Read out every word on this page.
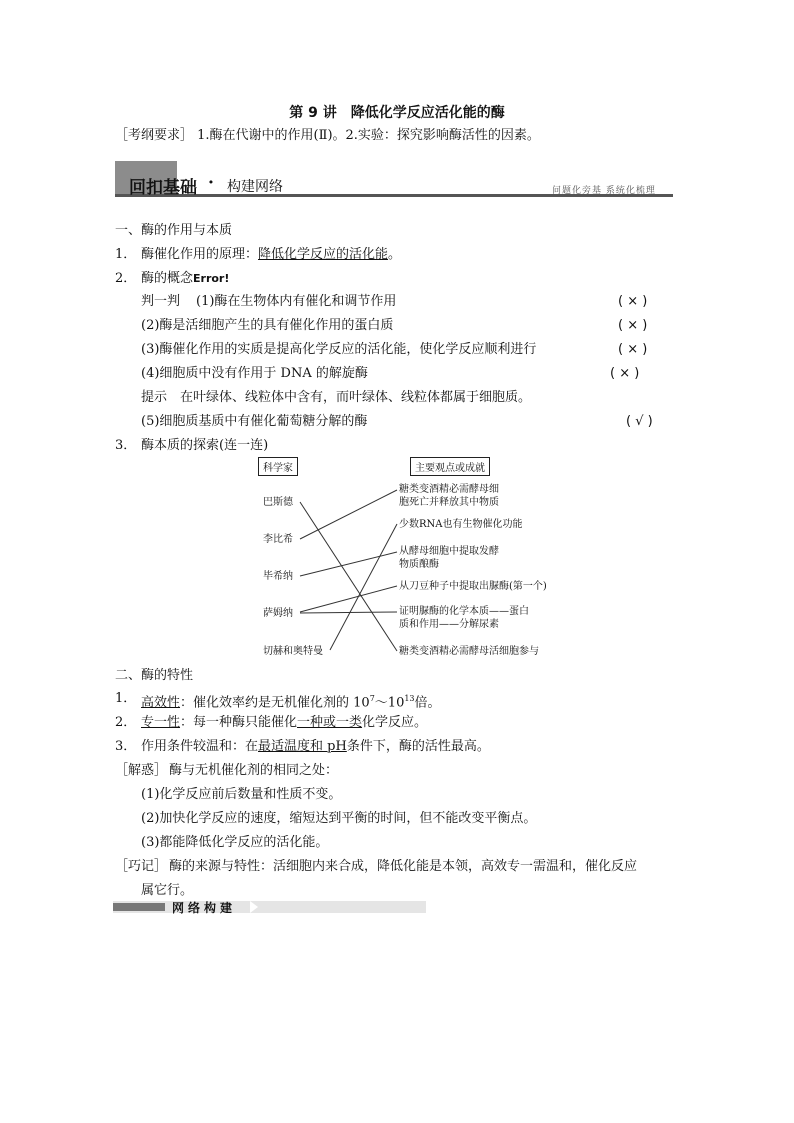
第 9 讲　降低化学反应活化能的酶
［考纲要求］ 1.酶在代谢中的作用(Ⅱ)。2.实验：探究影响酶活性的因素。
回扣基础 · 构建网络	问题化旁基 系统化梳理
一、酶的作用与本质
1． 酶催化作用的原理：降低化学反应的活化能。
2． 酶的概念Error!
判一判 (1)酶在生物体内有催化和调节作用	( × )
(2)酶是活细胞产生的具有催化作用的蛋白质	( × )
(3)酶催化作用的实质是提高化学反应的活化能，使化学反应顺利进行	( × )
(4)细胞质中没有作用于 DNA 的解旋酶	( × )
提示　在叶绿体、线粒体中含有，而叶绿体、线粒体都属于细胞质。
(5)细胞质基质中有催化葡萄糖分解的酶	( √ )
3． 酶本质的探索(连一连)
科学家	主要观点或成就
巴斯德
李比希
毕希纳
萨姆纳
切赫和奥特曼
糖类变酒精必需酵母细
胞死亡并释放其中物质
少数RNA也有生物催化功能
从酵母细胞中提取发酵
物质酿酶
从刀豆种子中提取出脲酶(第一个)
证明脲酶的化学本质——蛋白
质和作用——分解尿素
糖类变酒精必需酵母活细胞参与
二、酶的特性
1． 高效性：催化效率约是无机催化剂的 $10^7\sim 10^{13}$倍。
2． 专一性：每一种酶只能催化一种或一类化学反应。
3． 作用条件较温和：在最适温度和 pH条件下，酶的活性最高。
［解惑］ 酶与无机催化剂的相同之处：
(1)化学反应前后数量和性质不变。
(2)加快化学反应的速度，缩短达到平衡的时间，但不能改变平衡点。
(3)都能降低化学反应的活化能。
［巧记］ 酶的来源与特性：活细胞内来合成，降低化能是本领，高效专一需温和，催化反应
属它行。
网络构建
